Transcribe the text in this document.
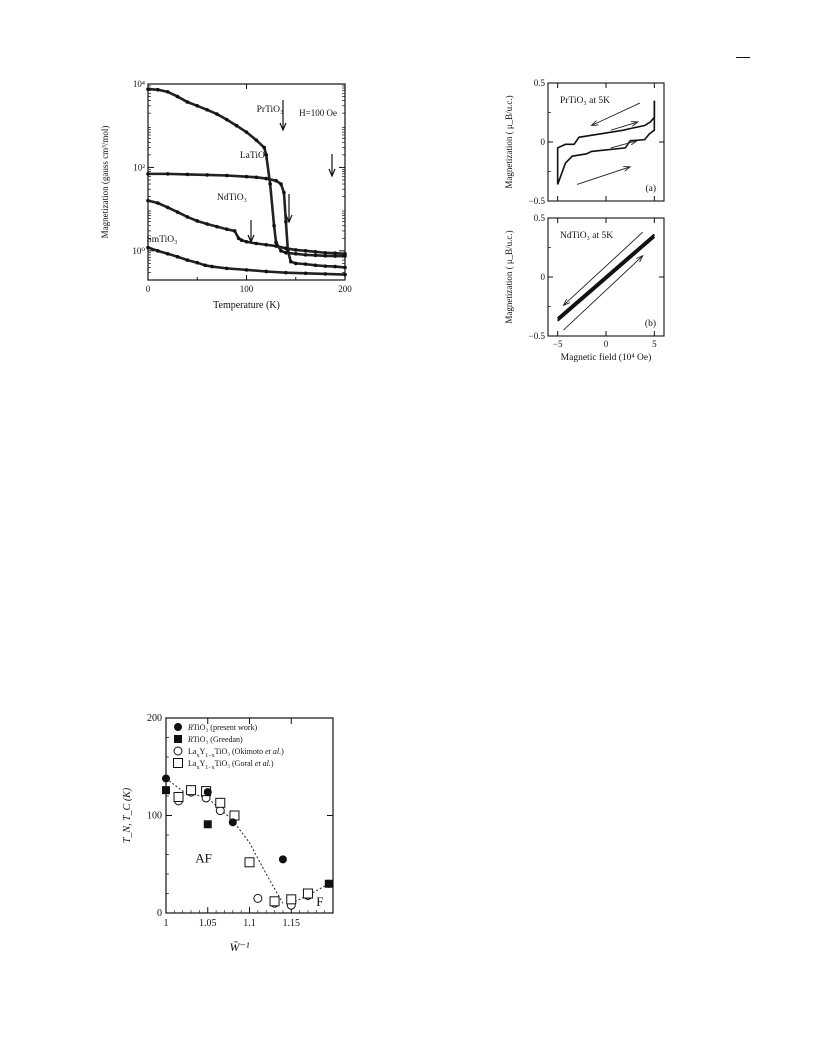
0	100	200
10⁰
10²
10⁴
Temperature (K)
Magnetization (gauss cm³/mol)
H=100 Oe
PrTiO₃
LaTiO₃
NdTiO₃
SmTiO₃
0.5
0
−0.5
Magnetization ( μ_B/u.c.)	PrTiO₃ at 5K
(a)
0.5
0
−0.5
Magnetization ( μ_B/u.c.)	NdTiO₃ at 5K
(b)
−5	0	5
Magnetic field (10⁴ Oe)
0
100
200
1	1.05	1.1	1.15
W̃⁻¹
T_N, T_C (K)
AF
F
RTiO₃ (present work)
RTiO₃ (Greedan)
$La_xY_{1-x}TiO_3$ (Okimoto et al.)
$La_xY_{1-x}TiO_3$ (Goral et al.)
